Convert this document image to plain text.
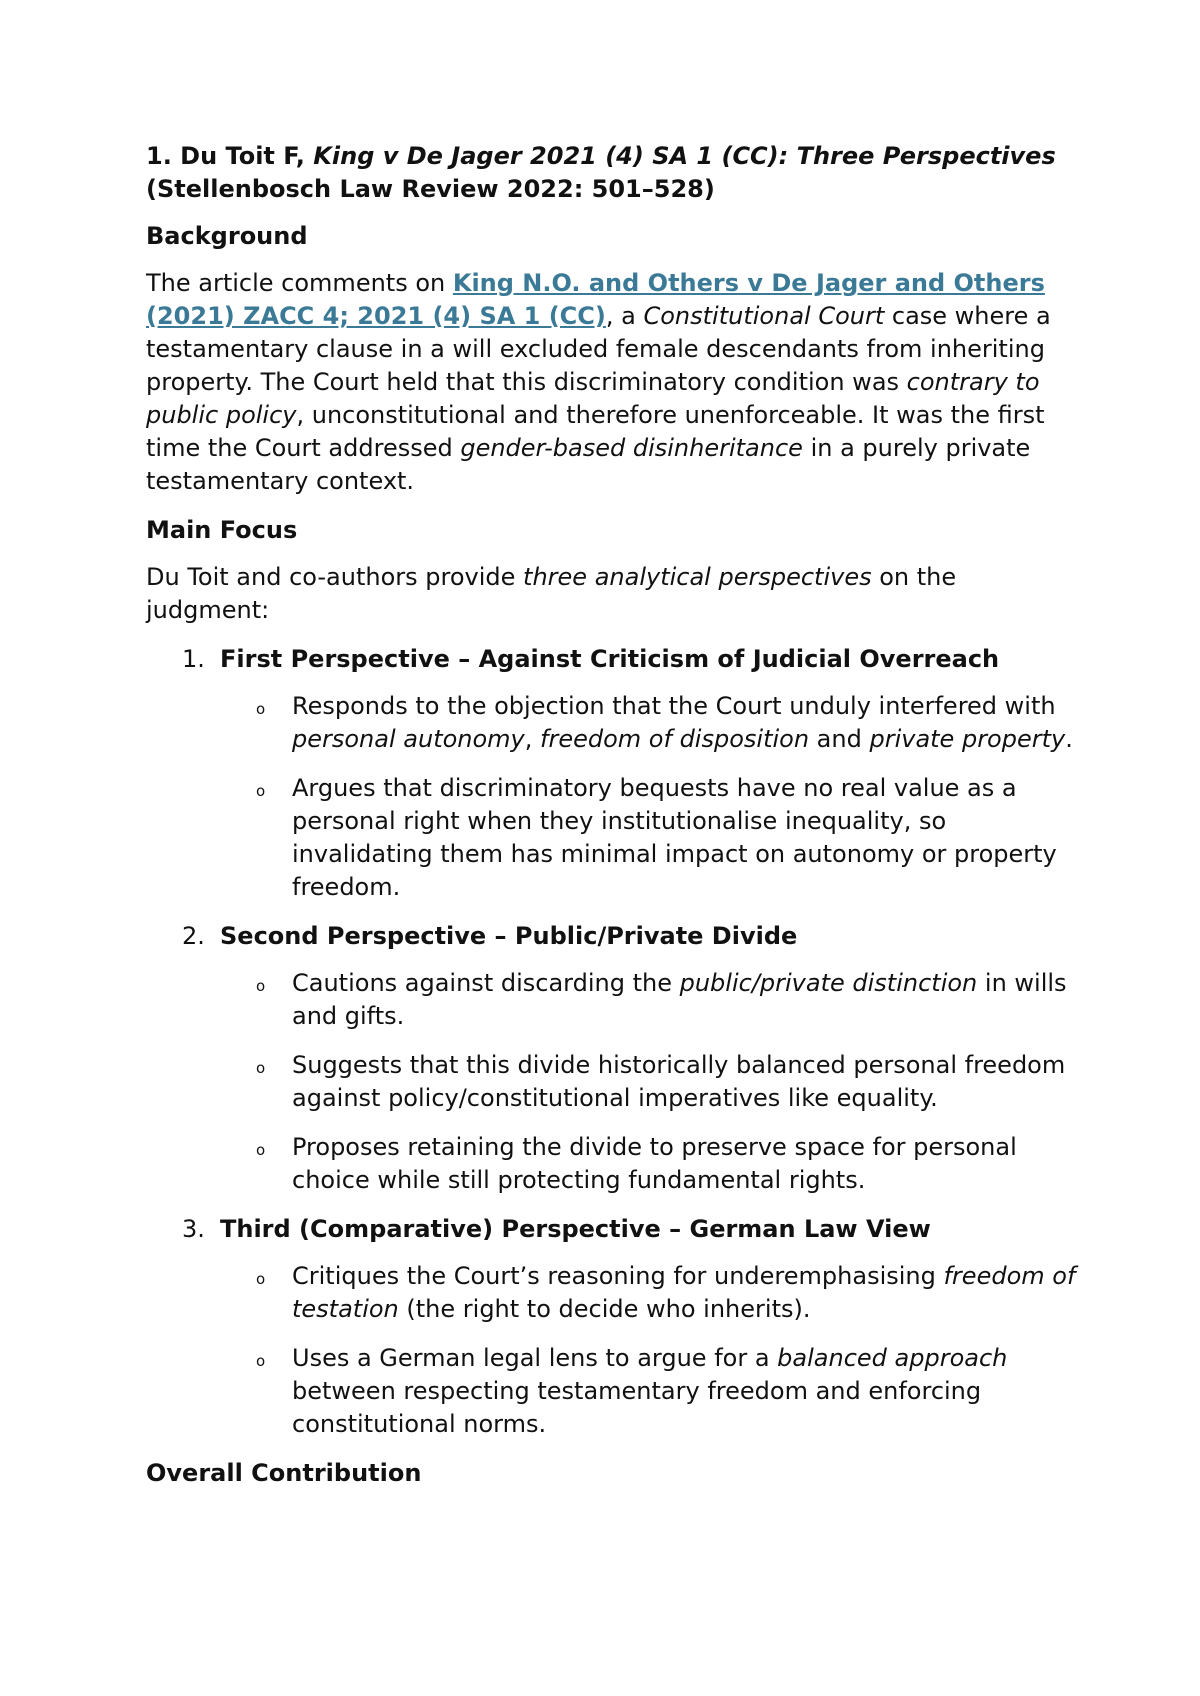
1. Du Toit F, King v De Jager 2021 (4) SA 1 (CC): Three Perspectives (Stellenbosch Law Review 2022: 501–528)

Background

The article comments on King N.O. and Others v De Jager and Others (2021) ZACC 4; 2021 (4) SA 1 (CC), a Constitutional Court case where a testamentary clause in a will excluded female descendants from inheriting property. The Court held that this discriminatory condition was contrary to public policy, unconstitutional and therefore unenforceable. It was the first time the Court addressed gender-based disinheritance in a purely private testamentary context.

Main Focus

Du Toit and co-authors provide three analytical perspectives on the judgment:

1. First Perspective – Against Criticism of Judicial Overreach

o Responds to the objection that the Court unduly interfered with personal autonomy, freedom of disposition and private property.
o Argues that discriminatory bequests have no real value as a personal right when they institutionalise inequality, so invalidating them has minimal impact on autonomy or property freedom.

2. Second Perspective – Public/Private Divide

o Cautions against discarding the public/private distinction in wills and gifts.
o Suggests that this divide historically balanced personal freedom against policy/constitutional imperatives like equality.
o Proposes retaining the divide to preserve space for personal choice while still protecting fundamental rights.

3. Third (Comparative) Perspective – German Law View

o Critiques the Court’s reasoning for underemphasising freedom of testation (the right to decide who inherits).
o Uses a German legal lens to argue for a balanced approach between respecting testamentary freedom and enforcing constitutional norms.

Overall Contribution
